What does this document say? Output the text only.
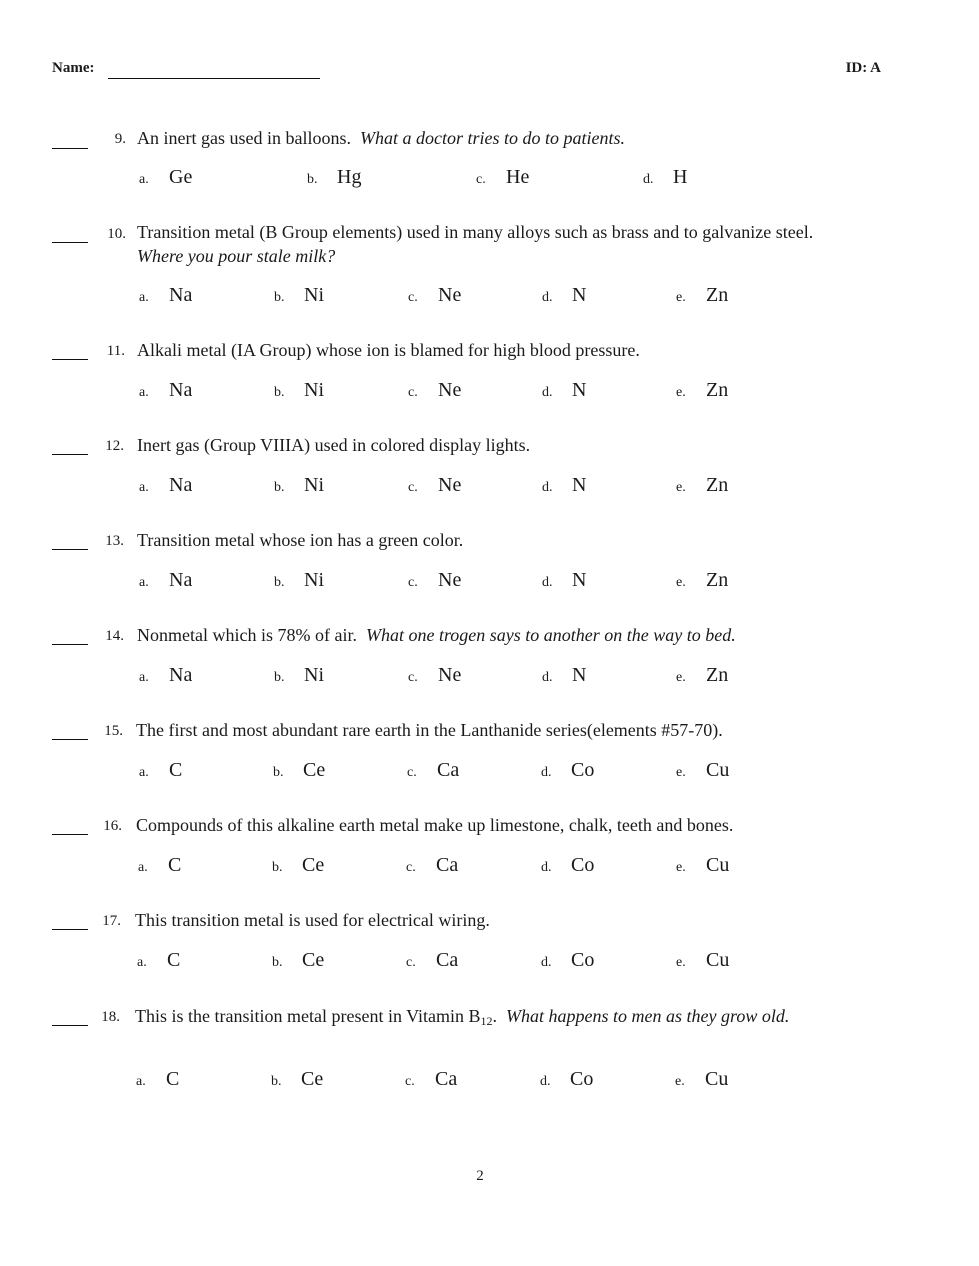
Name:	ID: A
9. An inert gas used in balloons. What a doctor tries to do to patients.
a. Ge	b. Hg	c. He	d. H
10. Transition metal (B Group elements) used in many alloys such as brass and to galvanize steel.  Where you pour stale milk?
a. Na	b. Ni	c. Ne	d. N	e. Zn
11. Alkali metal (IA Group) whose ion is blamed for high blood pressure.
a. Na	b. Ni	c. Ne	d. N	e. Zn
12. Inert gas (Group VIIIA) used in colored display lights.
a. Na	b. Ni	c. Ne	d. N	e. Zn
13. Transition metal whose ion has a green color.
a. Na	b. Ni	c. Ne	d. N	e. Zn
14. Nonmetal which is 78% of air. What one trogen says to another on the way to bed.
a. Na	b. Ni	c. Ne	d. N	e. Zn
15. The first and most abundant rare earth in the Lanthanide series(elements #57-70).
a. C	b. Ce	c. Ca	d. Co	e. Cu
16. Compounds of this alkaline earth metal make up limestone, chalk, teeth and bones.
a. C	b. Ce	c. Ca	d. Co	e. Cu
17. This transition metal is used for electrical wiring.
a. C	b. Ce	c. Ca	d. Co	e. Cu
18. This is the transition metal present in Vitamin $B_{12}$. What happens to men as they grow old.
a. C	b. Ce	c. Ca	d. Co	e. Cu
2
